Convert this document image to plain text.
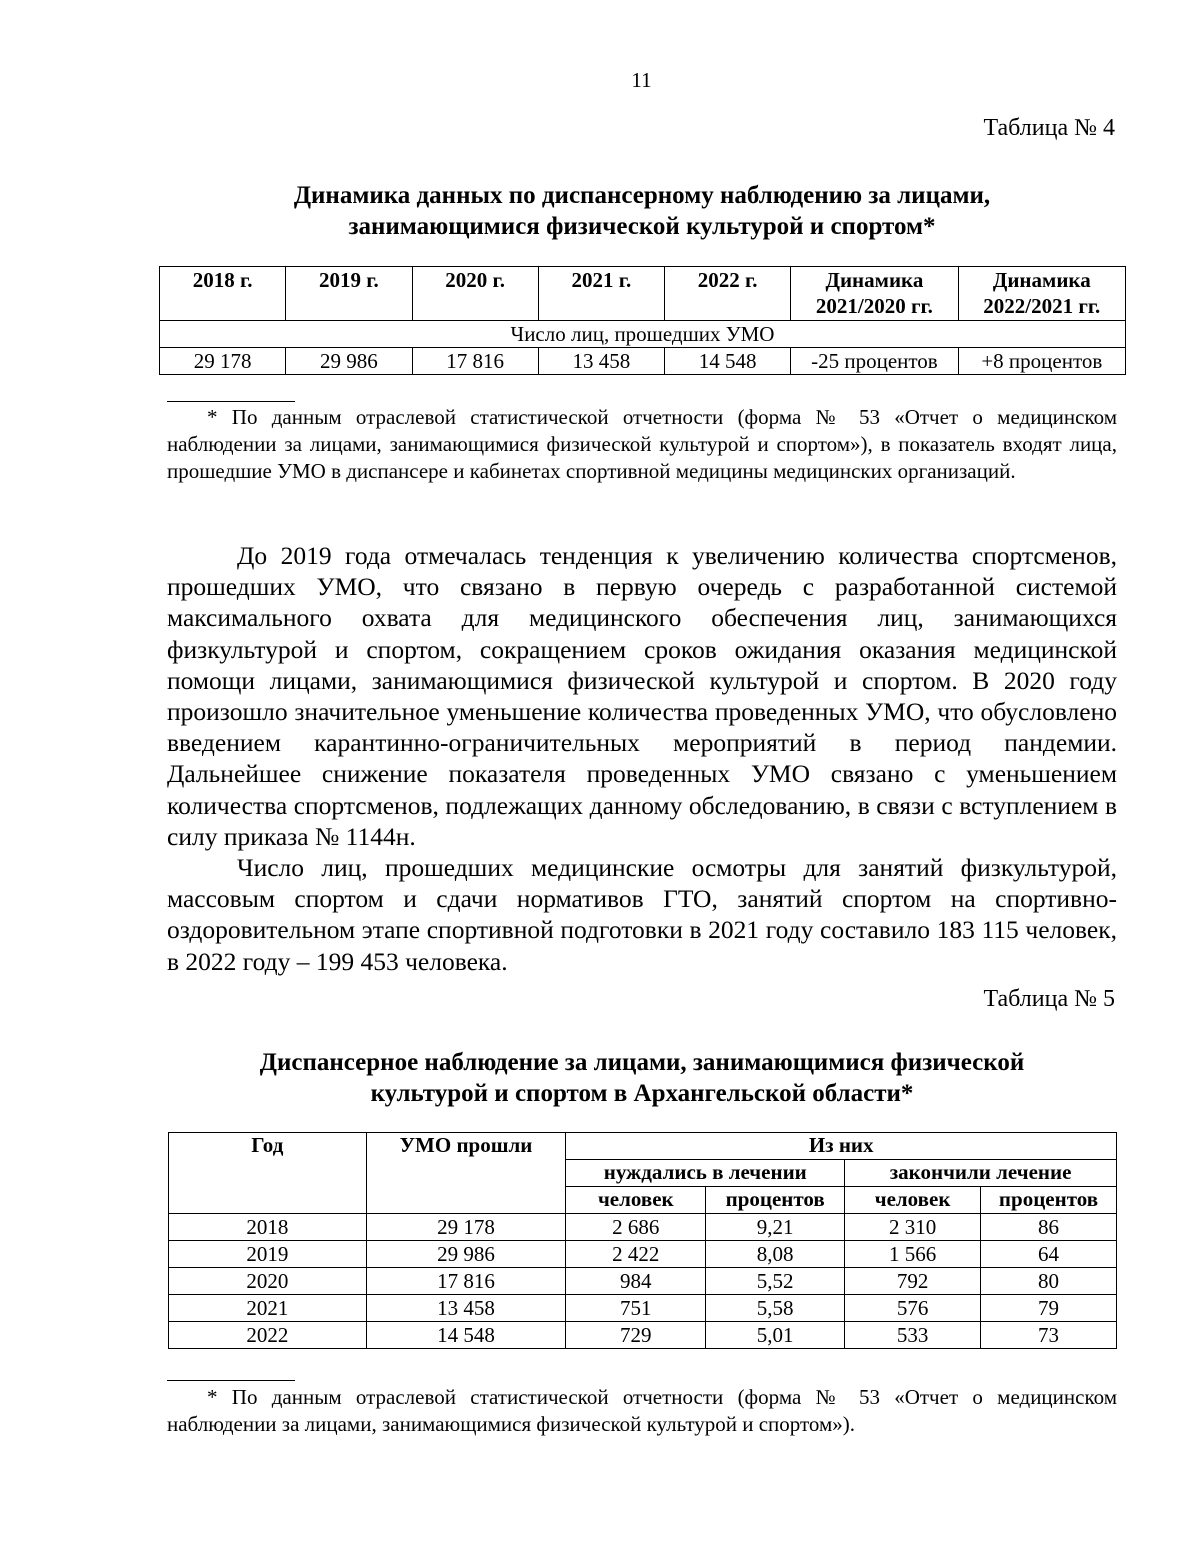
11
Таблица № 4
Динамика данных по диспансерному наблюдению за лицами,
занимающимися физической культурой и спортом*
2018 г.	2019 г.	2020 г.	2021 г.	2022 г.	Динамика 2021/2020 гг.	Динамика 2022/2021 гг.
Число лиц, прошедших УМО						
29 178	29 986	17 816	13 458	14 548	-25 процентов	+8 процентов
* По данным отраслевой статистической отчетности (форма № 53 «Отчет о медицинском наблюдении за лицами, занимающимися физической культурой и спортом»), в показатель входят лица, прошедшие УМО в диспансере и кабинетах спортивной медицины медицинских организаций.

До 2019 года отмечалась тенденция к увеличению количества спортсменов, прошедших УМО, что связано в первую очередь с разработанной системой максимального охвата для медицинского обеспечения лиц, занимающихся физкультурой и спортом, сокращением сроков ожидания оказания медицинской помощи лицами, занимающимися физической культурой и спортом. В 2020 году произошло значительное уменьшение количества проведенных УМО, что обусловлено введением карантинно-ограничительных мероприятий в период пандемии. Дальнейшее снижение показателя проведенных УМО связано с уменьшением количества спортсменов, подлежащих данному обследованию, в связи с вступлением в силу приказа № 1144н.

Число лиц, прошедших медицинские осмотры для занятий физкультурой, массовым спортом и сдачи нормативов ГТО, занятий спортом на спортивно-оздоровительном этапе спортивной подготовки в 2021 году составило 183 115 человек, в 2022 году – 199 453 человека.

Таблица № 5
Диспансерное наблюдение за лицами, занимающимися физической
культурой и спортом в Архангельской области*
Год	УМО прошли	Из них			
		нуждались в лечении		закончили лечение	
		человек	процентов	человек	процентов
2018	29 178	2 686	9,21	2 310	86
2019	29 986	2 422	8,08	1 566	64
2020	17 816	984	5,52	792	80
2021	13 458	751	5,58	576	79
2022	14 548	729	5,01	533	73
* По данным отраслевой статистической отчетности (форма № 53 «Отчет о медицинском наблюдении за лицами, занимающимися физической культурой и спортом»).
